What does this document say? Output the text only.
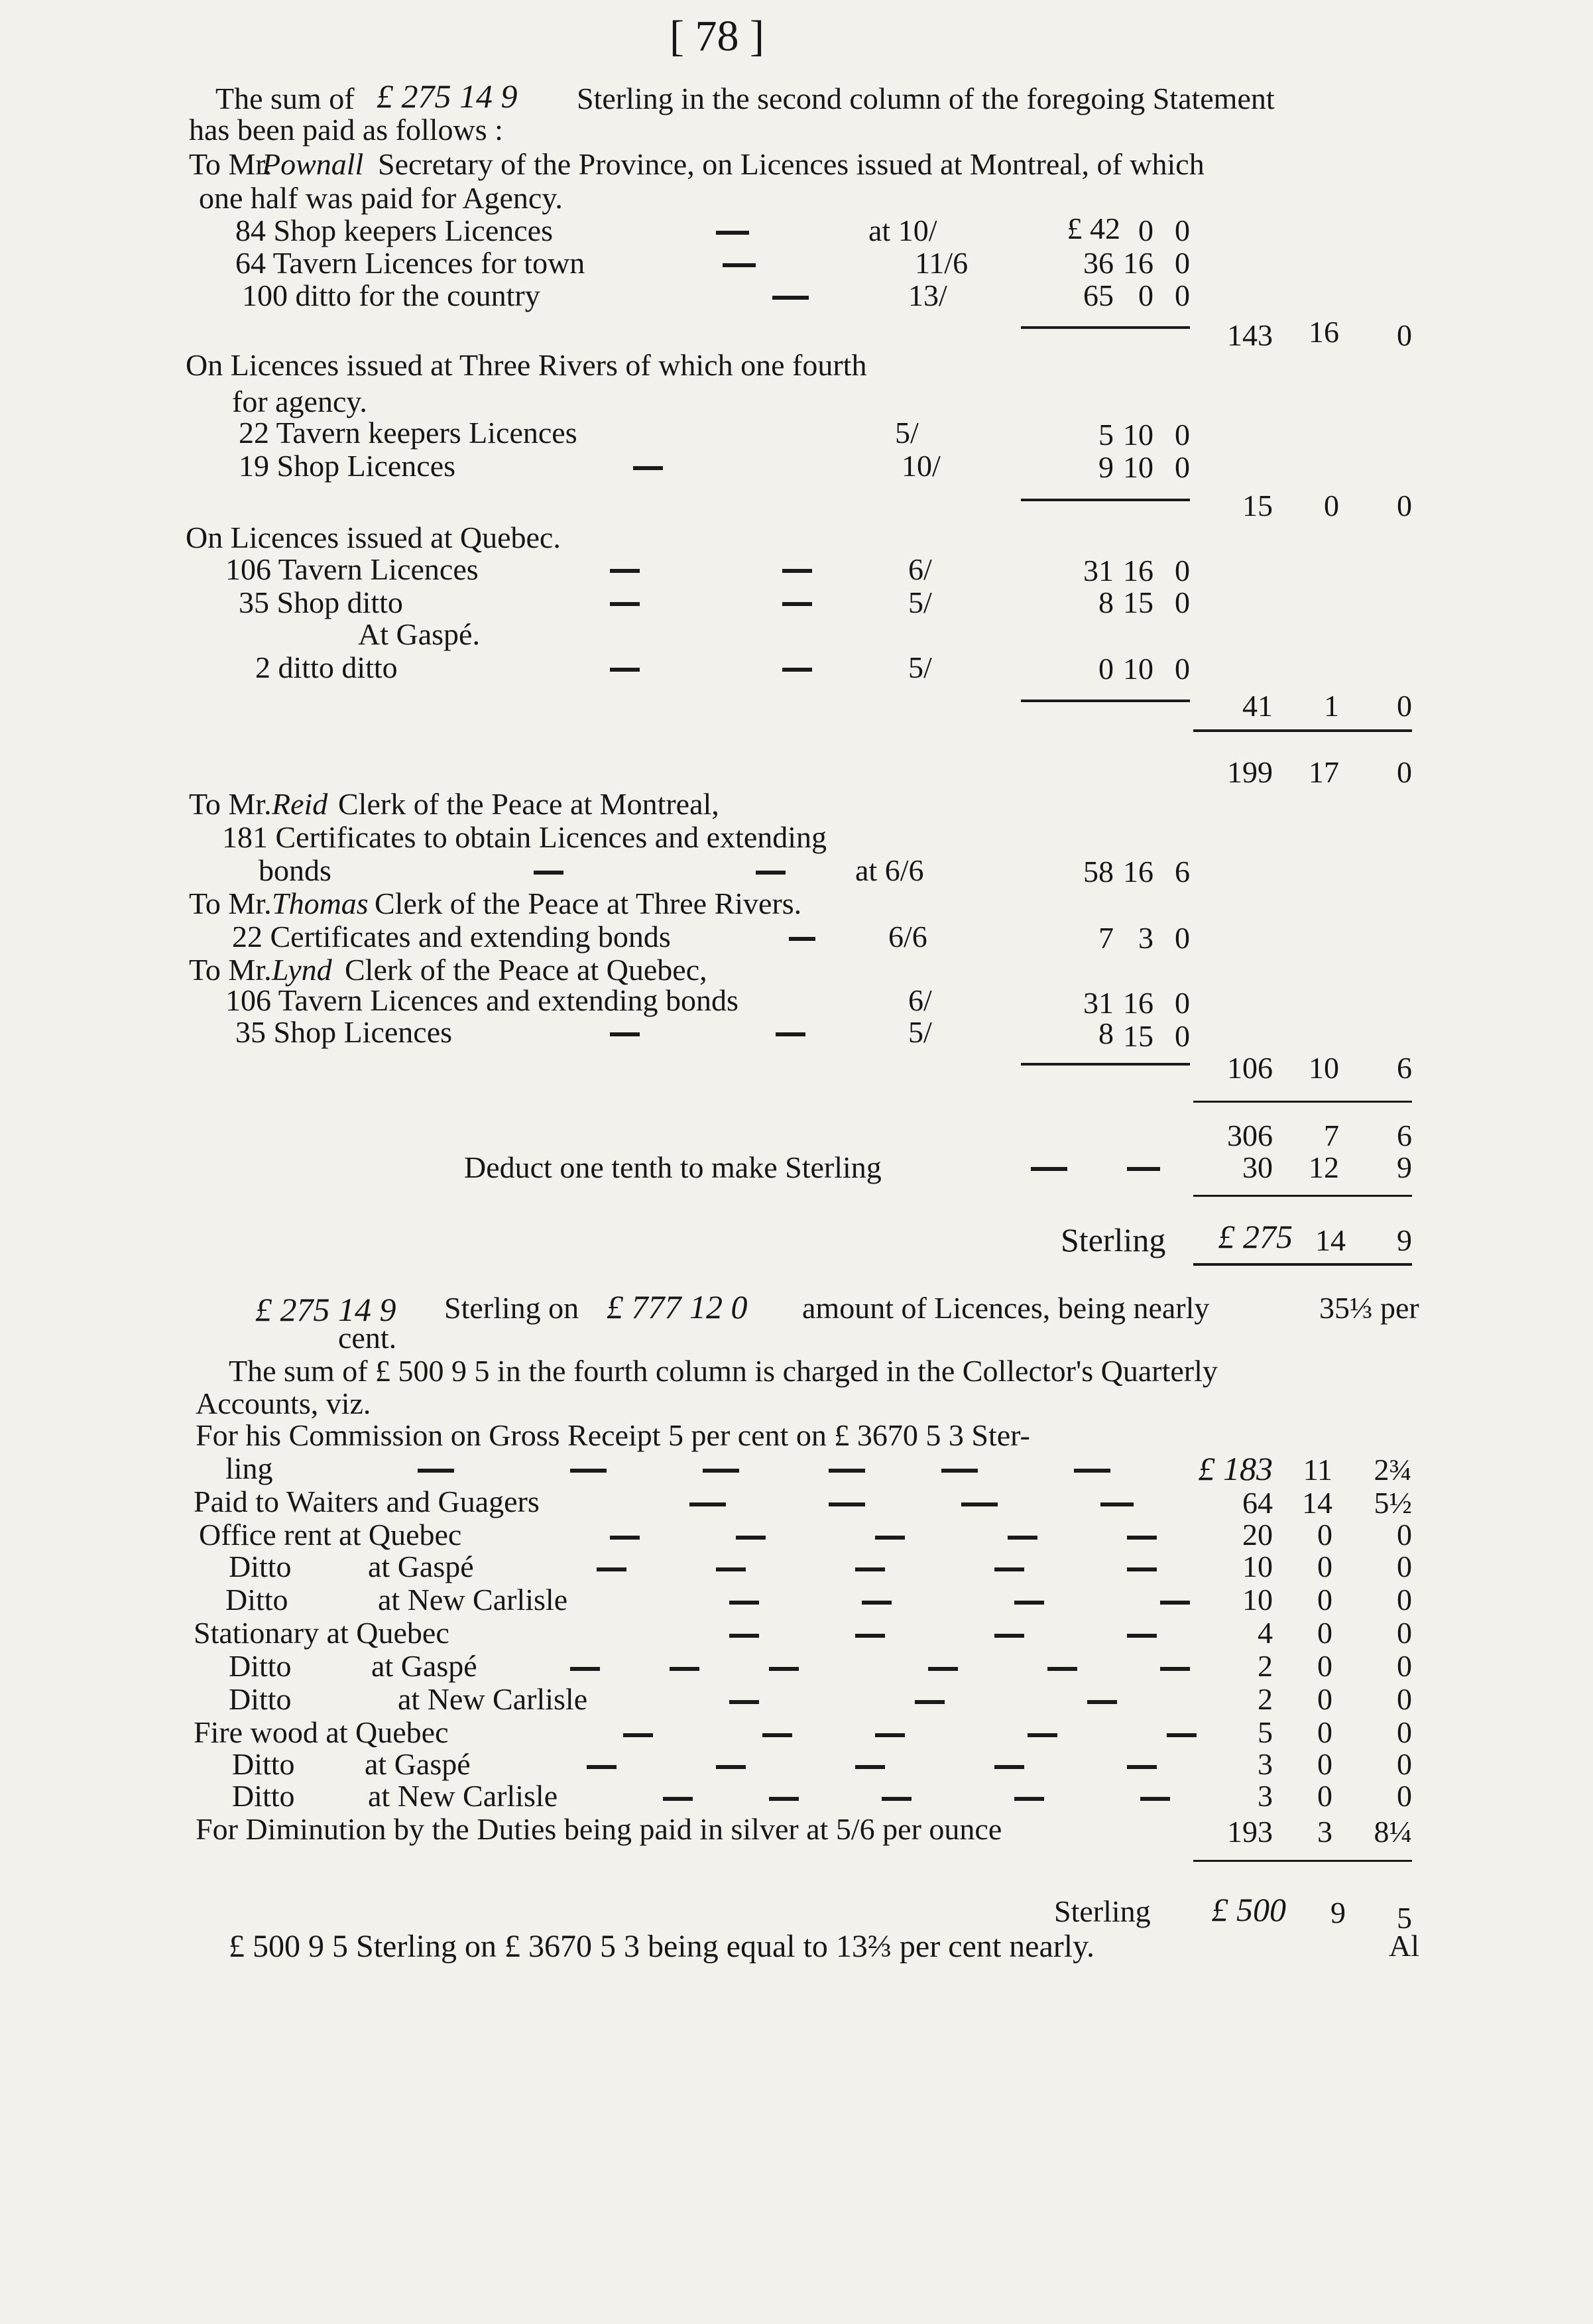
[ 78 ]
The sum of £ 275 14 9 Sterling in the second column of the foregoing Statement
has been paid as follows :
To Mr.
Pownall Secretary of the Province, on Licences issued at Montreal, of which
one half was paid for Agency.
84 Shop keepers Licences	at 10/	£ 42 0 0
64 Tavern Licences for town	11/6	36 16 0
100 ditto for the country	13/	65 0 0
143	16	0
On Licences issued at Three Rivers of which one fourth
for agency.
22 Tavern keepers Licences	5/	5 10 0
19 Shop Licences	10/	9 10 0
15	0	0
On Licences issued at Quebec.
106 Tavern Licences	6/	31 16 0
35 Shop ditto	5/	8 15 0
At Gaspé.
2 ditto ditto	5/	0 10 0
41	1	0
199	17	0
To Mr. Reid Clerk of the Peace at Montreal,
181 Certificates to obtain Licences and extending
bonds	at 6/6	58 16 6
To Mr. Thomas Clerk of the Peace at Three Rivers.
22 Certificates and extending bonds	6/6	7 3 0
To Mr. Lynd Clerk of the Peace at Quebec,
106 Tavern Licences and extending bonds	6/	31 16 0
35 Shop Licences	5/	8 15 0
106	10	6
306	7	6
Deduct one tenth to make Sterling	30	12	9
Sterling	£ 275 14	9
£ 275 14 9 Sterling on £ 777 12 0 amount of Licences, being nearly	35⅓ per
cent.
The sum of £ 500 9 5 in the fourth column is charged in the Collector's Quarterly
Accounts, viz.
For his Commission on Gross Receipt 5 per cent on £ 3670 5 3 Ster-
ling	£ 183 11 2¾
Paid to Waiters and Guagers	64 14 5½
Office rent at Quebec	20	0	0
Ditto	at Gaspé	10	0	0
Ditto	at New Carlisle	10	0	0
Stationary at Quebec	4	0	0
Ditto	at Gaspé	2	0	0
Ditto	at New Carlisle	2	0	0
Fire wood at Quebec	5	0	0
Ditto at Gaspé	3	0	0
Ditto at New Carlisle	3	0	0
For Diminution by the Duties being paid in silver at 5/6 per ounce	193	3 8¼
Sterling	£ 500	9	5
£ 500 9 5 Sterling on £ 3670 5 3 being equal to 13⅔ per cent nearly.	Al
